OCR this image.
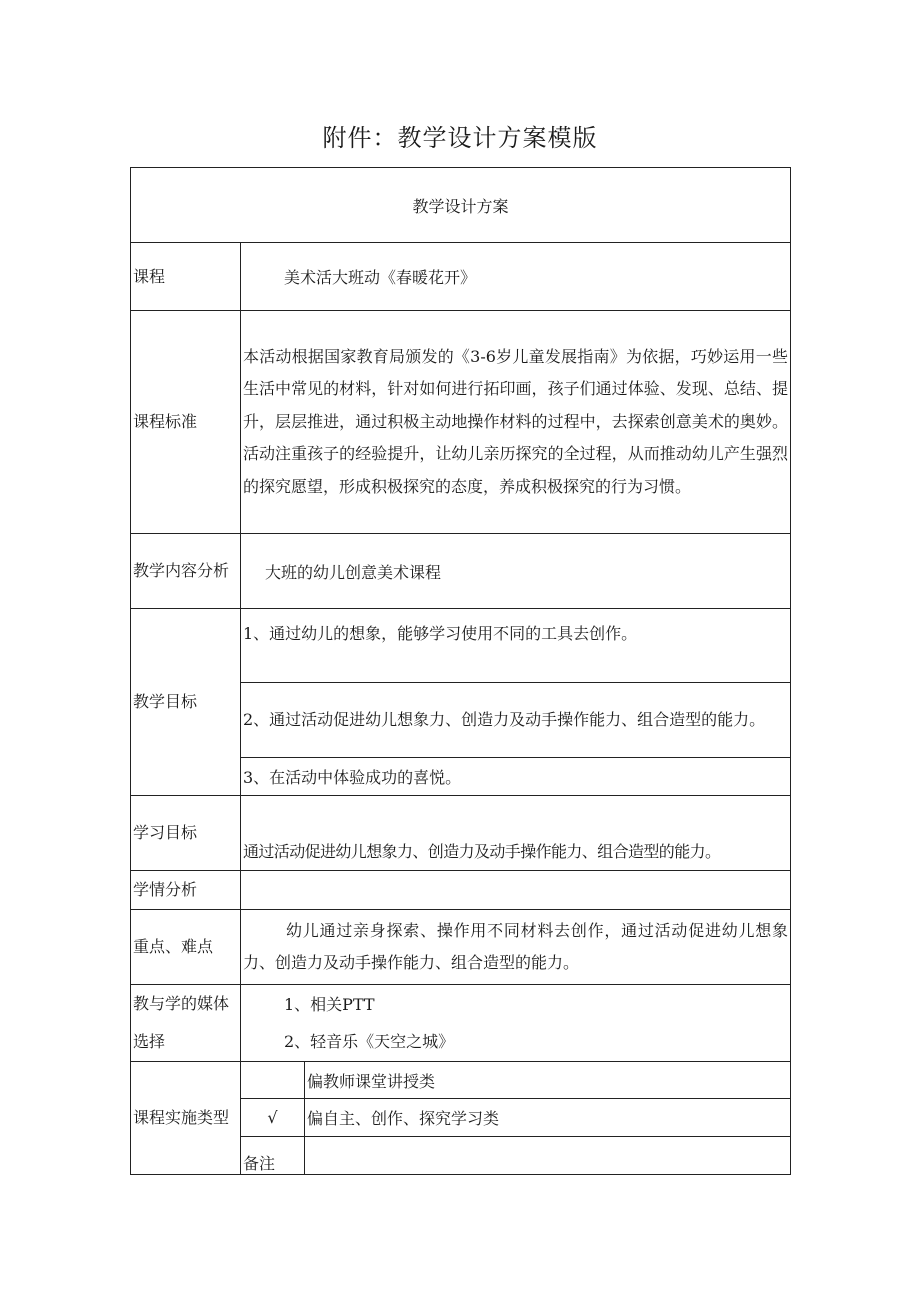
附件：教学设计方案模版
教学设计方案		
课程	美术活大班动《春暖花开》	
课程标准	本活动根据国家教育局颁发的《3-6岁儿童发展指南》为依据，巧妙运用一些生活中常见的材料，针对如何进行拓印画，孩子们通过体验、发现、总结、提升，层层推进，通过积极主动地操作材料的过程中，去探索创意美术的奥妙。活动注重孩子的经验提升，让幼儿亲历探究的全过程，从而推动幼儿产生强烈的探究愿望，形成积极探究的态度，养成积极探究的行为习惯。	
教学内容分析	大班的幼儿创意美术课程	
教学目标	1、通过幼儿的想象，能够学习使用不同的工具去创作。	
	2、通过活动促进幼儿想象力、创造力及动手操作能力、组合造型的能力。	
	3、在活动中体验成功的喜悦。	
学习目标	通过活动促进幼儿想象力、创造力及动手操作能力、组合造型的能力。	
学情分析		
重点、难点	幼儿通过亲身探索、操作用不同材料去创作，通过活动促进幼儿想象力、创造力及动手操作能力、组合造型的能力。	
教与学的媒体选择	1、相关PTT
2、轻音乐《天空之城》	

课程实施类型		偏教师课堂讲授类
	√	偏自主、创作、探究学习类
	备注	
